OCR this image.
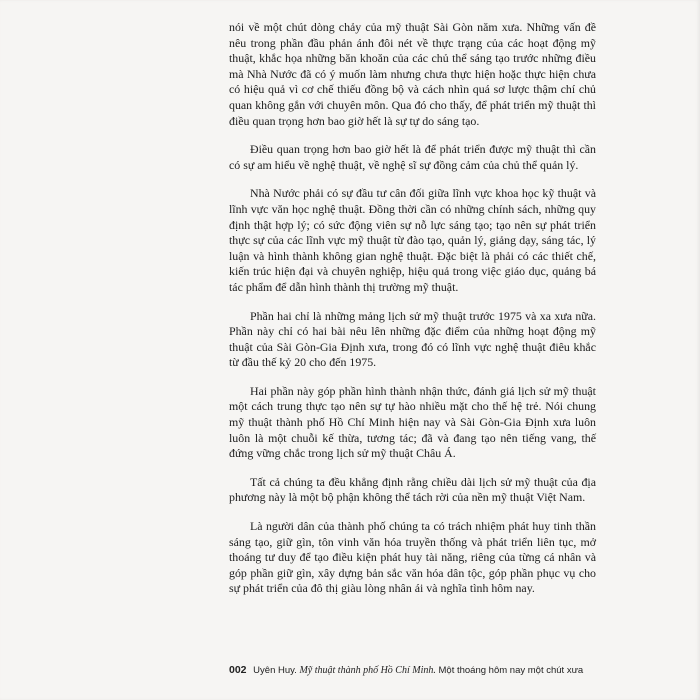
nói về một chút dòng chảy của mỹ thuật Sài Gòn năm xưa. Những vấn đề nêu trong phần đầu phản ánh đôi nét về thực trạng của các hoạt động mỹ thuật, khắc họa những băn khoăn của các chủ thể sáng tạo trước những điều mà Nhà Nước đã có ý muốn làm nhưng chưa thực hiện hoặc thực hiện chưa có hiệu quả vì cơ chế thiếu đồng bộ và cách nhìn quá sơ lược thậm chí chủ quan không gắn với chuyên môn. Qua đó cho thấy, để phát triển mỹ thuật thì điều quan trọng hơn bao giờ hết là sự tự do sáng tạo.

Điều quan trọng hơn bao giờ hết là để phát triển được mỹ thuật thì cần có sự am hiểu về nghệ thuật, về nghệ sĩ sự đồng cảm của chủ thể quản lý.

Nhà Nước phải có sự đầu tư cân đối giữa lĩnh vực khoa học kỹ thuật và lĩnh vực văn học nghệ thuật. Đồng thời cần có những chính sách, những quy định thật hợp lý; có sức động viên sự nỗ lực sáng tạo; tạo nên sự phát triển thực sự của các lĩnh vực mỹ thuật từ đào tạo, quản lý, giảng dạy, sáng tác, lý luận và hình thành không gian nghệ thuật. Đặc biệt là phải có các thiết chế, kiến trúc hiện đại và chuyên nghiệp, hiệu quả trong việc giáo dục, quảng bá tác phẩm để dẫn hình thành thị trường mỹ thuật.

Phần hai chỉ là những mảng lịch sử mỹ thuật trước 1975 và xa xưa nữa. Phần này chỉ có hai bài nêu lên những đặc điểm của những hoạt động mỹ thuật của Sài Gòn-Gia Định xưa, trong đó có lĩnh vực nghệ thuật điêu khắc từ đầu thế kỷ 20 cho đến 1975.

Hai phần này góp phần hình thành nhận thức, đánh giá lịch sử mỹ thuật một cách trung thực tạo nên sự tự hào nhiều mặt cho thế hệ trẻ. Nói chung mỹ thuật thành phố Hồ Chí Minh hiện nay và Sài Gòn-Gia Định xưa luôn luôn là một chuỗi kế thừa, tương tác; đã và đang tạo nên tiếng vang, thế đứng vững chắc trong lịch sử mỹ thuật Châu Á.

Tất cả chúng ta đều khẳng định rằng chiều dài lịch sử mỹ thuật của địa phương này là một bộ phận không thể tách rời của nền mỹ thuật Việt Nam.

Là người dân của thành phố chúng ta có trách nhiệm phát huy tinh thần sáng tạo, giữ gìn, tôn vinh văn hóa truyền thống và phát triển liên tục, mở thoáng tư duy để tạo điều kiện phát huy tài năng, riêng của từng cá nhân và góp phần giữ gìn, xây dựng bản sắc văn hóa dân tộc, góp phần phục vụ cho sự phát triển của đô thị giàu lòng nhân ái và nghĩa tình hôm nay.

002 Uyên Huy. Mỹ thuật thành phố Hồ Chí Minh. Một thoáng hôm nay một chút xưa
